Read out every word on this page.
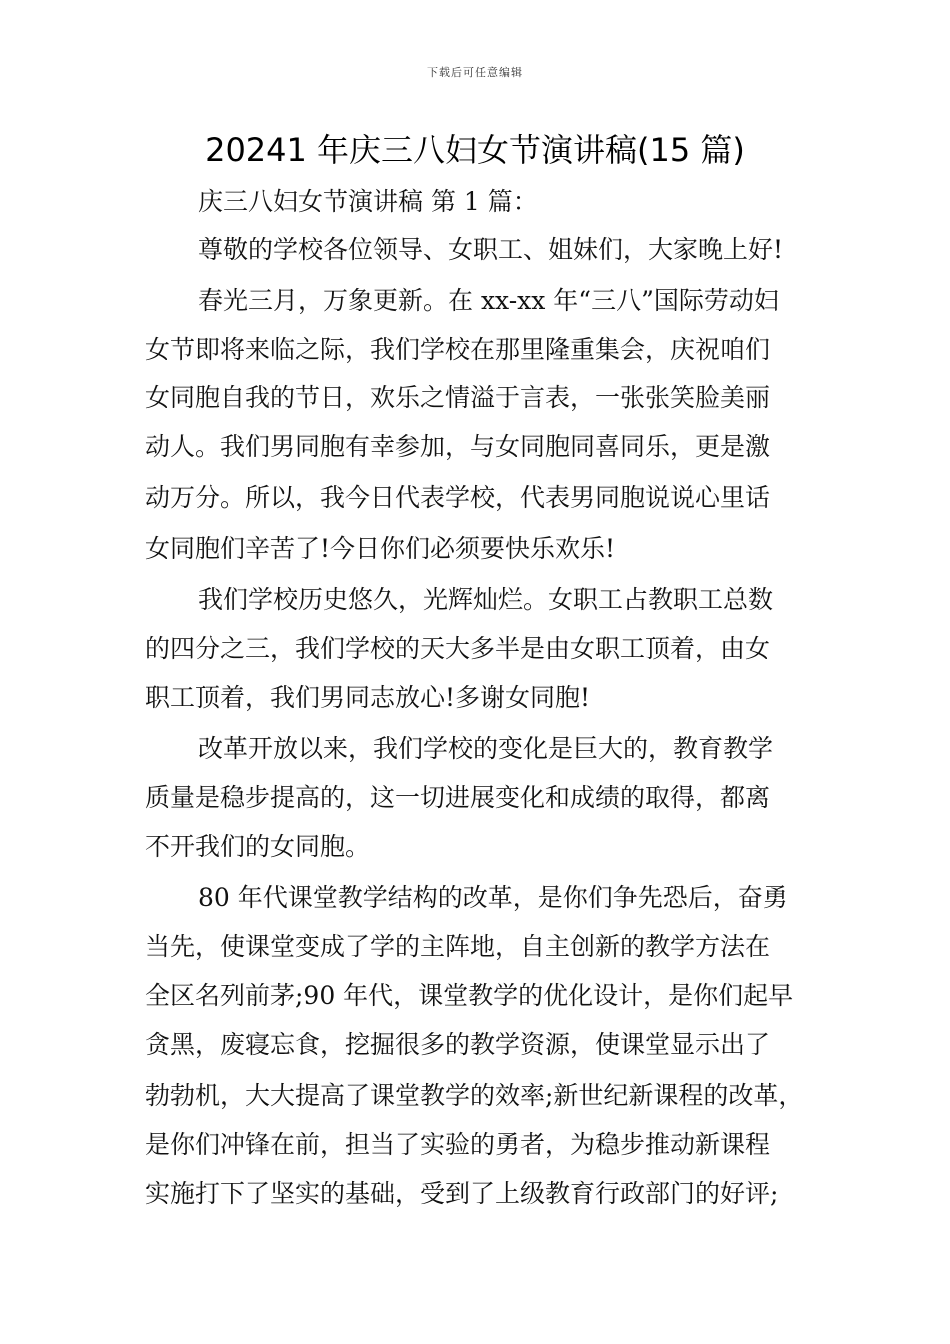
下载后可任意编辑
20241 年庆三八妇女节演讲稿(15 篇)
庆三八妇女节演讲稿 第 1 篇：
尊敬的学校各位领导、女职工、姐妹们，大家晚上好!
春光三月，万象更新。在 xx-xx 年“三八”国际劳动妇
女节即将来临之际，我们学校在那里隆重集会，庆祝咱们
女同胞自我的节日，欢乐之情溢于言表，一张张笑脸美丽
动人。我们男同胞有幸参加，与女同胞同喜同乐，更是激
动万分。所以，我今日代表学校，代表男同胞说说心里话
女同胞们辛苦了!今日你们必须要快乐欢乐!
我们学校历史悠久，光辉灿烂。女职工占教职工总数
的四分之三，我们学校的天大多半是由女职工顶着，由女
职工顶着，我们男同志放心!多谢女同胞!
改革开放以来，我们学校的变化是巨大的，教育教学
质量是稳步提高的，这一切进展变化和成绩的取得，都离
不开我们的女同胞。
80 年代课堂教学结构的改革，是你们争先恐后，奋勇
当先，使课堂变成了学的主阵地，自主创新的教学方法在
全区名列前茅;90 年代，课堂教学的优化设计，是你们起早
贪黑，废寝忘食，挖掘很多的教学资源，使课堂显示出了
勃勃机，大大提高了课堂教学的效率;新世纪新课程的改革，
是你们冲锋在前，担当了实验的勇者，为稳步推动新课程
实施打下了坚实的基础，受到了上级教育行政部门的好评;
